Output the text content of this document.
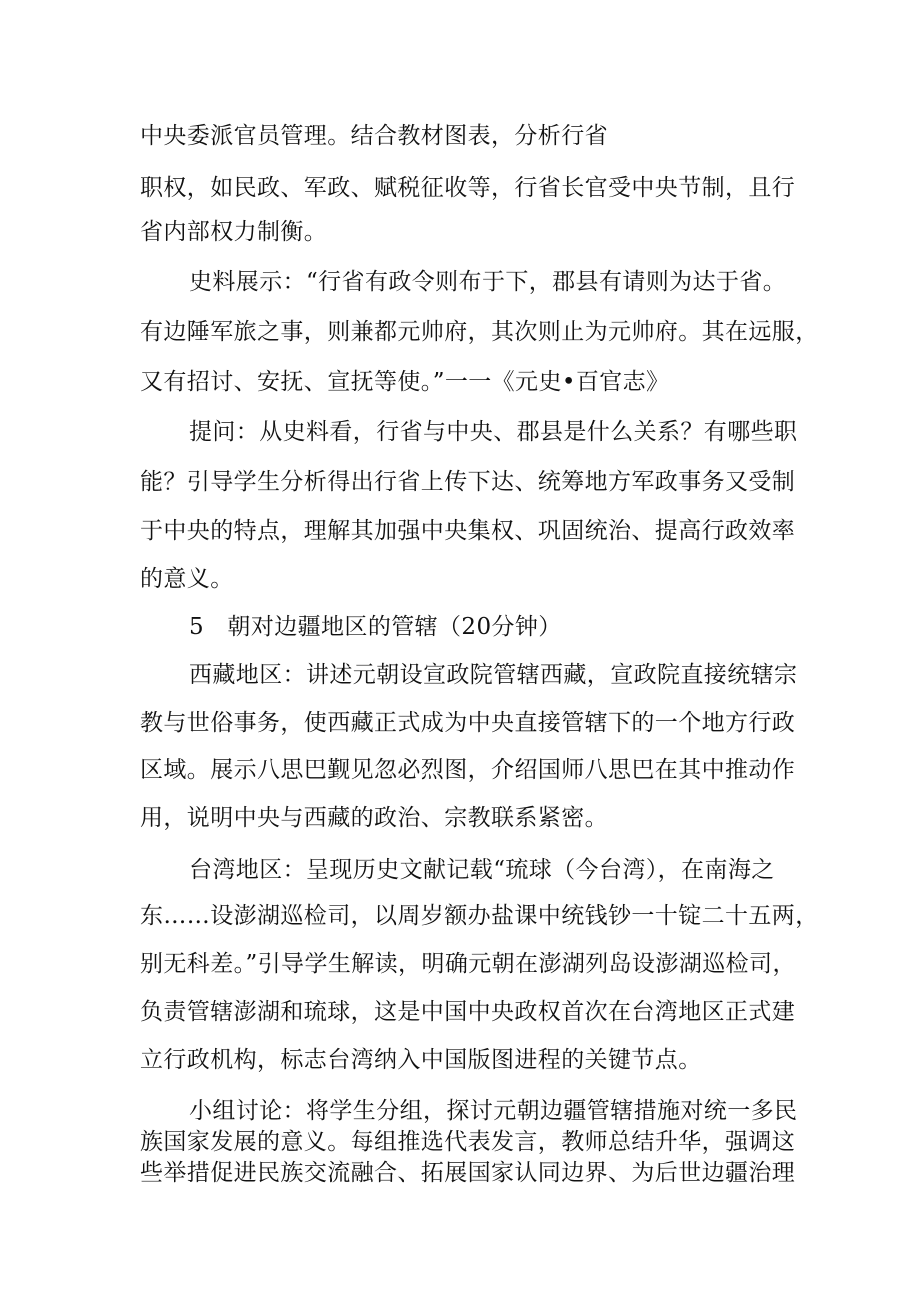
中央委派官员管理。结合教材图表，分析行省
职权，如民政、军政、赋税征收等，行省长官受中央节制，且行
省内部权力制衡。
史料展示：“行省有政令则布于下，郡县有请则为达于省。
有边陲军旅之事，则兼都元帅府，其次则止为元帅府。其在远服，
又有招讨、安抚、宣抚等使。”一一《元史•百官志》
提问：从史料看，行省与中央、郡县是什么关系？有哪些职
能？引导学生分析得出行省上传下达、统筹地方军政事务又受制
于中央的特点，理解其加强中央集权、巩固统治、提高行政效率
的意义。
5　朝对边疆地区的管辖（20分钟）
西藏地区：讲述元朝设宣政院管辖西藏，宣政院直接统辖宗
教与世俗事务，使西藏正式成为中央直接管辖下的一个地方行政
区域。展示八思巴觐见忽必烈图，介绍国师八思巴在其中推动作
用，说明中央与西藏的政治、宗教联系紧密。
台湾地区：呈现历史文献记载“琉球（今台湾），在南海之
东……设澎湖巡检司，以周岁额办盐课中统钱钞一十锭二十五两，
别无科差。”引导学生解读，明确元朝在澎湖列岛设澎湖巡检司，
负责管辖澎湖和琉球，这是中国中央政权首次在台湾地区正式建
立行政机构，标志台湾纳入中国版图进程的关键节点。
小组讨论：将学生分组，探讨元朝边疆管辖措施对统一多民
族国家发展的意义。每组推选代表发言，教师总结升华，强调这
些举措促进民族交流融合、拓展国家认同边界、为后世边疆治理
